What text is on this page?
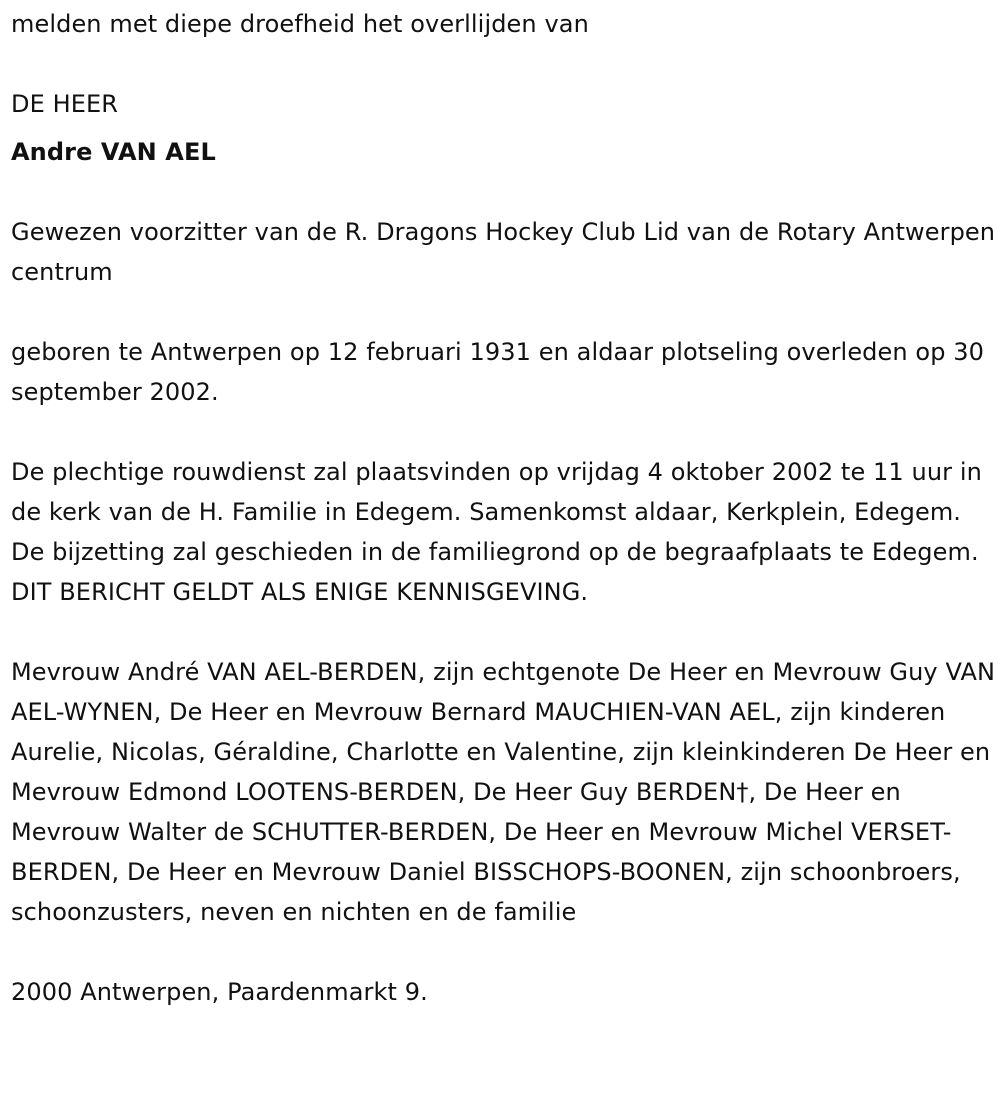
melden met diepe droefheid het overllijden van

DE HEER

Andre VAN AEL

Gewezen voorzitter van de R. Dragons Hockey Club Lid van de Rotary Antwerpen centrum

geboren te Antwerpen op 12 februari 1931 en aldaar plotseling overleden op 30 september 2002.

De plechtige rouwdienst zal plaatsvinden op vrijdag 4 oktober 2002 te 11 uur in de kerk van de H. Familie in Edegem. Samenkomst aldaar, Kerkplein, Edegem. De bijzetting zal geschieden in de familiegrond op de begraafplaats te Edegem. DIT BERICHT GELDT ALS ENIGE KENNISGEVING.

Mevrouw André VAN AEL-BERDEN, zijn echtgenote De Heer en Mevrouw Guy VAN AEL-WYNEN, De Heer en Mevrouw Bernard MAUCHIEN-VAN AEL, zijn kinderen Aurelie, Nicolas, Géraldine, Charlotte en Valentine, zijn kleinkinderen De Heer en Mevrouw Edmond LOOTENS-BERDEN, De Heer Guy BERDEN†, De Heer en Mevrouw Walter de SCHUTTER-BERDEN, De Heer en Mevrouw Michel VERSET-BERDEN, De Heer en Mevrouw Daniel BISSCHOPS-BOONEN, zijn schoonbroers, schoonzusters, neven en nichten en de familie

2000 Antwerpen, Paardenmarkt 9.
